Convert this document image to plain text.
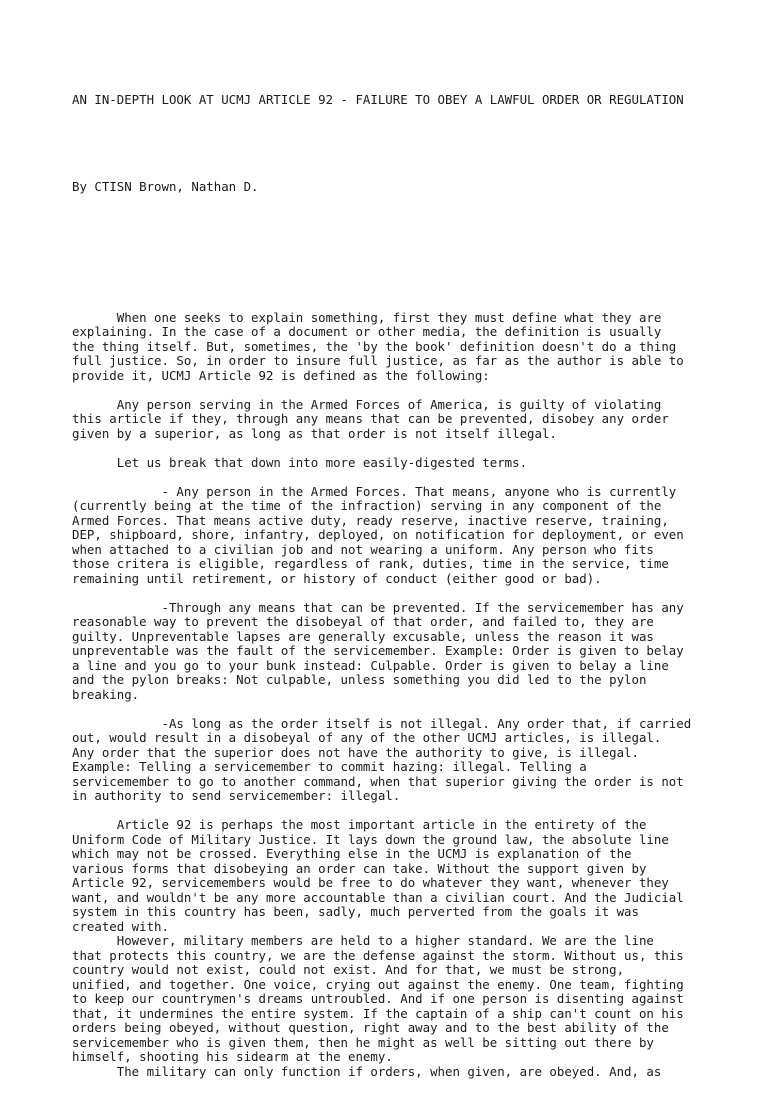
AN IN-DEPTH LOOK AT UCMJ ARTICLE 92 - FAILURE TO OBEY A LAWFUL ORDER OR REGULATION

By CTISN Brown, Nathan D.

When one seeks to explain something, first they must define what they are
explaining. In the case of a document or other media, the definition is usually
the thing itself. But, sometimes, the 'by the book' definition doesn't do a thing
full justice. So, in order to insure full justice, as far as the author is able to
provide it, UCMJ Article 92 is defined as the following:
Any person serving in the Armed Forces of America, is guilty of violating
this article if they, through any means that can be prevented, disobey any order
given by a superior, as long as that order is not itself illegal.
Let us break that down into more easily-digested terms.
- Any person in the Armed Forces. That means, anyone who is currently
(currently being at the time of the infraction) serving in any component of the
Armed Forces. That means active duty, ready reserve, inactive reserve, training,
DEP, shipboard, shore, infantry, deployed, on notification for deployment, or even
when attached to a civilian job and not wearing a uniform. Any person who fits
those critera is eligible, regardless of rank, duties, time in the service, time
remaining until retirement, or history of conduct (either good or bad).
-Through any means that can be prevented. If the servicemember has any
reasonable way to prevent the disobeyal of that order, and failed to, they are
guilty. Unpreventable lapses are generally excusable, unless the reason it was
unpreventable was the fault of the servicemember. Example: Order is given to belay
a line and you go to your bunk instead: Culpable. Order is given to belay a line
and the pylon breaks: Not culpable, unless something you did led to the pylon
breaking.
-As long as the order itself is not illegal. Any order that, if carried
out, would result in a disobeyal of any of the other UCMJ articles, is illegal.
Any order that the superior does not have the authority to give, is illegal.
Example: Telling a servicemember to commit hazing: illegal. Telling a
servicemember to go to another command, when that superior giving the order is not
in authority to send servicemember: illegal.
Article 92 is perhaps the most important article in the entirety of the
Uniform Code of Military Justice. It lays down the ground law, the absolute line
which may not be crossed. Everything else in the UCMJ is explanation of the
various forms that disobeying an order can take. Without the support given by
Article 92, servicemembers would be free to do whatever they want, whenever they
want, and wouldn't be any more accountable than a civilian court. And the Judicial
system in this country has been, sadly, much perverted from the goals it was
created with.
However, military members are held to a higher standard. We are the line
that protects this country, we are the defense against the storm. Without us, this
country would not exist, could not exist. And for that, we must be strong,
unified, and together. One voice, crying out against the enemy. One team, fighting
to keep our countrymen's dreams untroubled. And if one person is disenting against
that, it undermines the entire system. If the captain of a ship can't count on his
orders being obeyed, without question, right away and to the best ability of the
servicemember who is given them, then he might as well be sitting out there by
himself, shooting his sidearm at the enemy.
The military can only function if orders, when given, are obeyed. And, as
